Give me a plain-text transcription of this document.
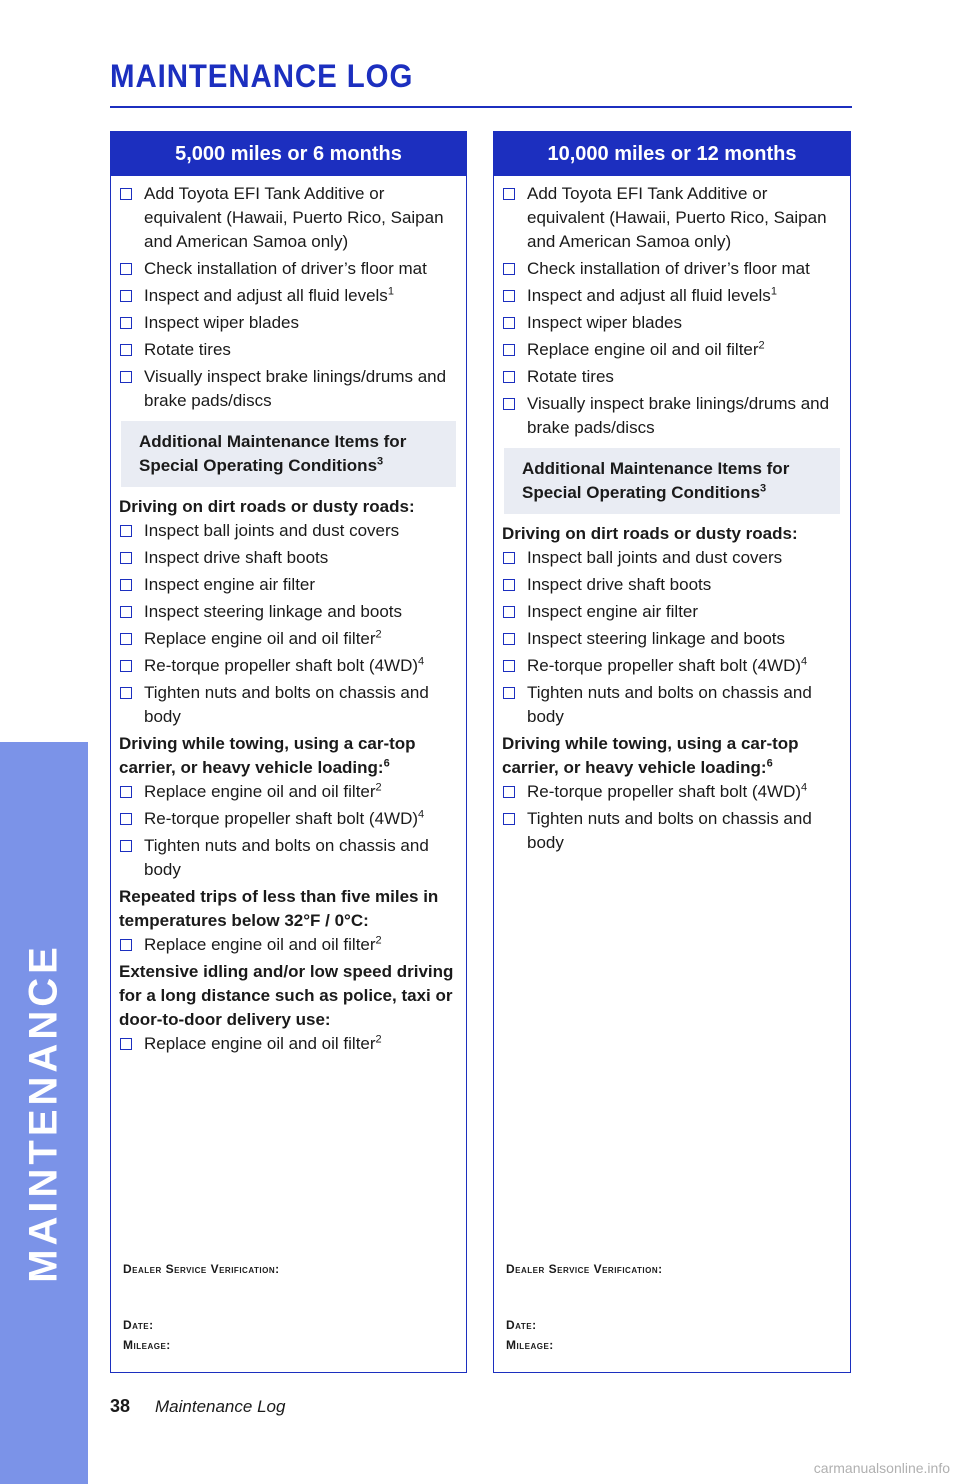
MAINTENANCE
MAINTENANCE LOG
5,000 miles or 6 months
Add Toyota EFI Tank Additive or equivalent (Hawaii, Puerto Rico, Saipan and American Samoa only)
Check installation of driver’s floor mat
Inspect and adjust all fluid levels$^1$
Inspect wiper blades
Rotate tires
Visually inspect brake linings/drums and brake pads/discs
Additional Maintenance Items for Special Operating Conditions$^3$
Driving on dirt roads or dusty roads:
Inspect ball joints and dust covers
Inspect drive shaft boots
Inspect engine air filter
Inspect steering linkage and boots
Replace engine oil and oil filter$^2$
Re-torque propeller shaft bolt $(4WD)^4$
Tighten nuts and bolts on chassis and body
Driving while towing, using a car-top carrier, or heavy vehicle loading:$^6$
Replace engine oil and oil filter$^2$
Re-torque propeller shaft bolt $(4WD)^4$
Tighten nuts and bolts on chassis and body
Repeated trips of less than five miles in temperatures below 32°F / 0°C:
Replace engine oil and oil filter$^2$
Extensive idling and/or low speed driving for a long distance such as police, taxi or door-to-door delivery use:
Replace engine oil and oil filter$^2$
Dealer Service Verification:
Date:
Mileage:
10,000 miles or 12 months
Add Toyota EFI Tank Additive or equivalent (Hawaii, Puerto Rico, Saipan and American Samoa only)
Check installation of driver’s floor mat
Inspect and adjust all fluid levels$^1$
Inspect wiper blades
Replace engine oil and oil filter$^2$
Rotate tires
Visually inspect brake linings/drums and brake pads/discs
Additional Maintenance Items for Special Operating Conditions$^3$
Driving on dirt roads or dusty roads:
Inspect ball joints and dust covers
Inspect drive shaft boots
Inspect engine air filter
Inspect steering linkage and boots
Re-torque propeller shaft bolt $(4WD)^4$
Tighten nuts and bolts on chassis and body
Driving while towing, using a car-top carrier, or heavy vehicle loading:$^6$
Re-torque propeller shaft bolt $(4WD)^4$
Tighten nuts and bolts on chassis and body
Dealer Service Verification:
Date:
Mileage:
38 Maintenance Log
carmanualsonline.info
